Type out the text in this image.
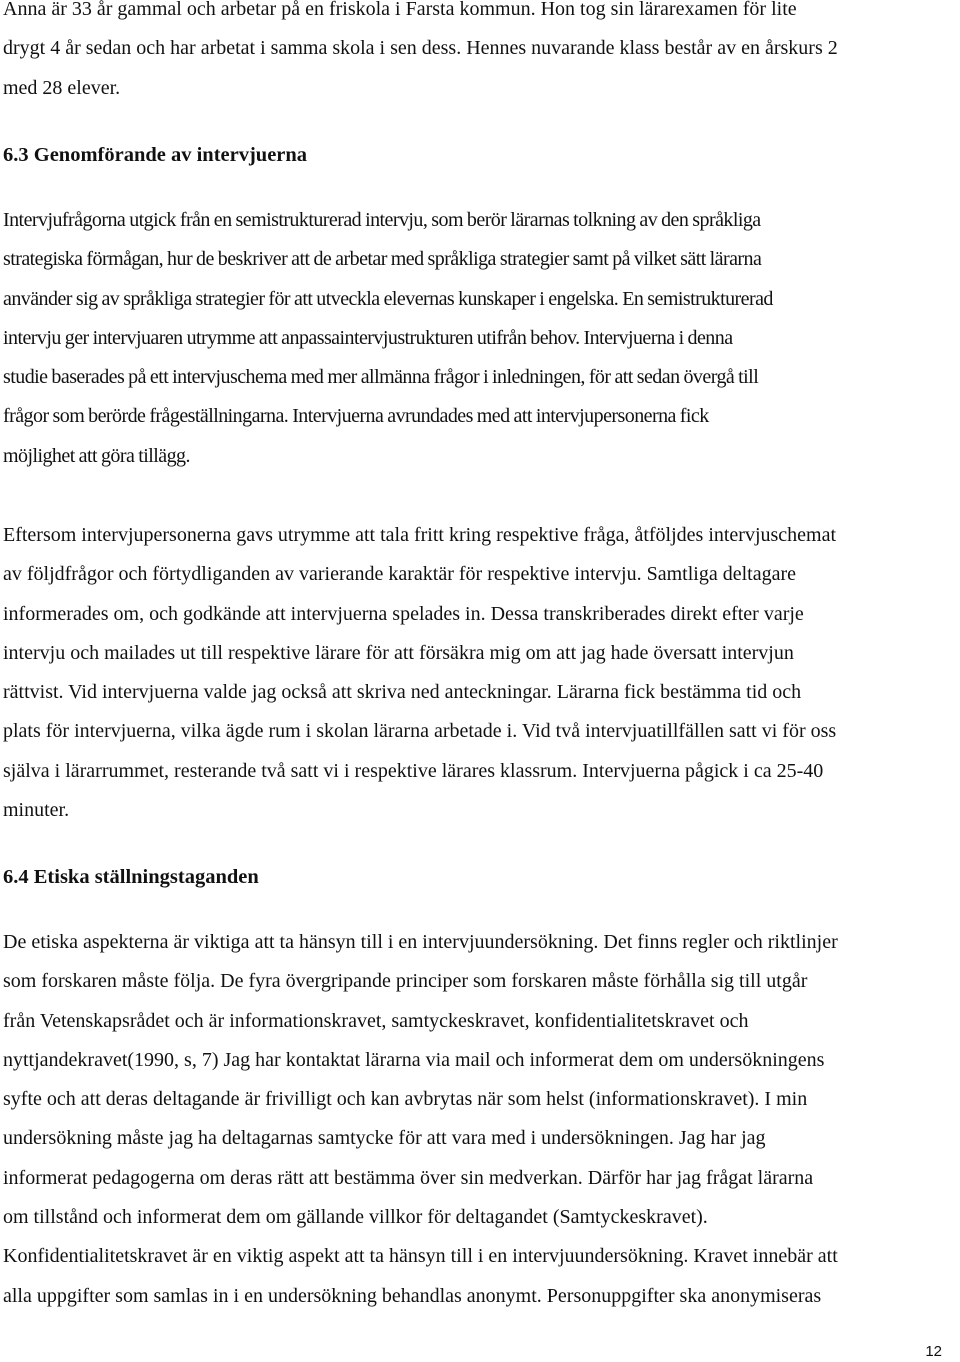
Anna är 33 år gammal och arbetar på en friskola i Farsta kommun. Hon tog sin lärarexamen för lite
drygt 4 år sedan och har arbetat i samma skola i sen dess. Hennes nuvarande klass består av en årskurs 2
med 28 elever.

6.3 Genomförande av intervjuerna

Intervjufrågorna utgick från en semistrukturerad intervju, som berör lärarnas tolkning av den språkliga
strategiska förmågan, hur de beskriver att de arbetar med språkliga strategier samt på vilket sätt lärarna
använder sig av språkliga strategier för att utveckla elevernas kunskaper i engelska. En semistrukturerad
intervju ger intervjuaren utrymme att anpassaintervjustrukturen utifrån behov. Intervjuerna i denna
studie baserades på ett intervjuschema med mer allmänna frågor i inledningen, för att sedan övergå till
frågor som berörde frågeställningarna. Intervjuerna avrundades med att intervjupersonerna fick
möjlighet att göra tillägg.

Eftersom intervjupersonerna gavs utrymme att tala fritt kring respektive fråga, åtföljdes intervjuschemat
av följdfrågor och förtydliganden av varierande karaktär för respektive intervju. Samtliga deltagare
informerades om, och godkände att intervjuerna spelades in. Dessa transkriberades direkt efter varje
intervju och mailades ut till respektive lärare för att försäkra mig om att jag hade översatt intervjun
rättvist. Vid intervjuerna valde jag också att skriva ned anteckningar. Lärarna fick bestämma tid och
plats för intervjuerna, vilka ägde rum i skolan lärarna arbetade i. Vid två intervjuatillfällen satt vi för oss
själva i lärarrummet, resterande två satt vi i respektive lärares klassrum. Intervjuerna pågick i ca 25-40
minuter.

6.4 Etiska ställningstaganden

De etiska aspekterna är viktiga att ta hänsyn till i en intervjuundersökning. Det finns regler och riktlinjer
som forskaren måste följa. De fyra övergripande principer som forskaren måste förhålla sig till utgår
från Vetenskapsrådet och är informationskravet, samtyckeskravet, konfidentialitetskravet och
nyttjandekravet(1990, s, 7) Jag har kontaktat lärarna via mail och informerat dem om undersökningens
syfte och att deras deltagande är frivilligt och kan avbrytas när som helst (informationskravet). I min
undersökning måste jag ha deltagarnas samtycke för att vara med i undersökningen. Jag har jag
informerat pedagogerna om deras rätt att bestämma över sin medverkan. Därför har jag frågat lärarna
om tillstånd och informerat dem om gällande villkor för deltagandet (Samtyckeskravet).
Konfidentialitetskravet är en viktig aspekt att ta hänsyn till i en intervjuundersökning. Kravet innebär att
alla uppgifter som samlas in i en undersökning behandlas anonymt. Personuppgifter ska anonymiseras

12
